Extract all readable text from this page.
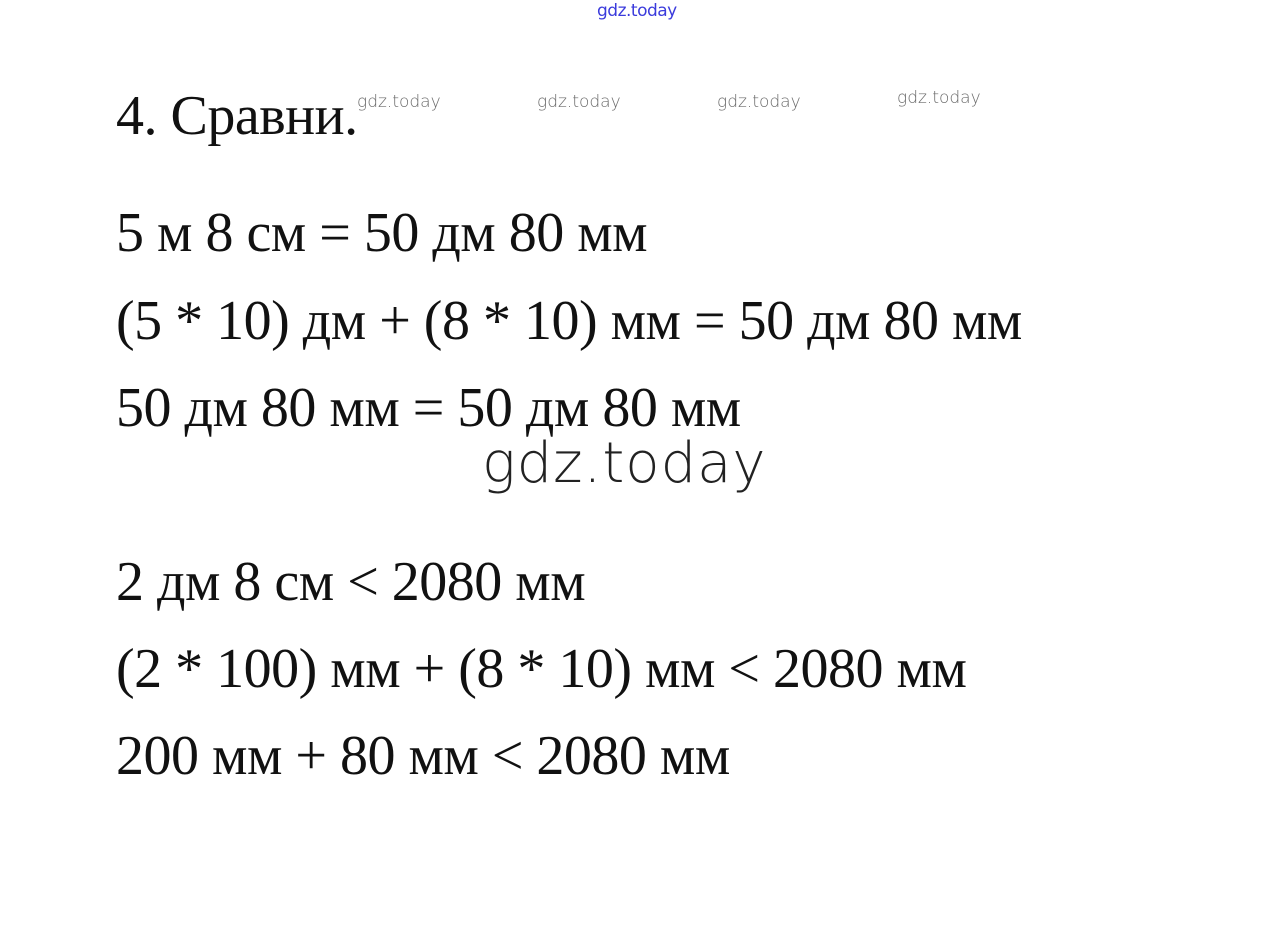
gdz.today
4. Сравни. gdz.today	gdz.today	gdz.today	gdz.today
5 м 8 см = 50 дм 80 мм
(5 * 10) дм + (8 * 10) мм = 50 дм 80 мм
50 дм 80 мм = 50 дм 80 мм
gdz.today
2 дм 8 см < 2080 мм
(2 * 100) мм + (8 * 10) мм < 2080 мм
200 мм + 80 мм < 2080 мм
